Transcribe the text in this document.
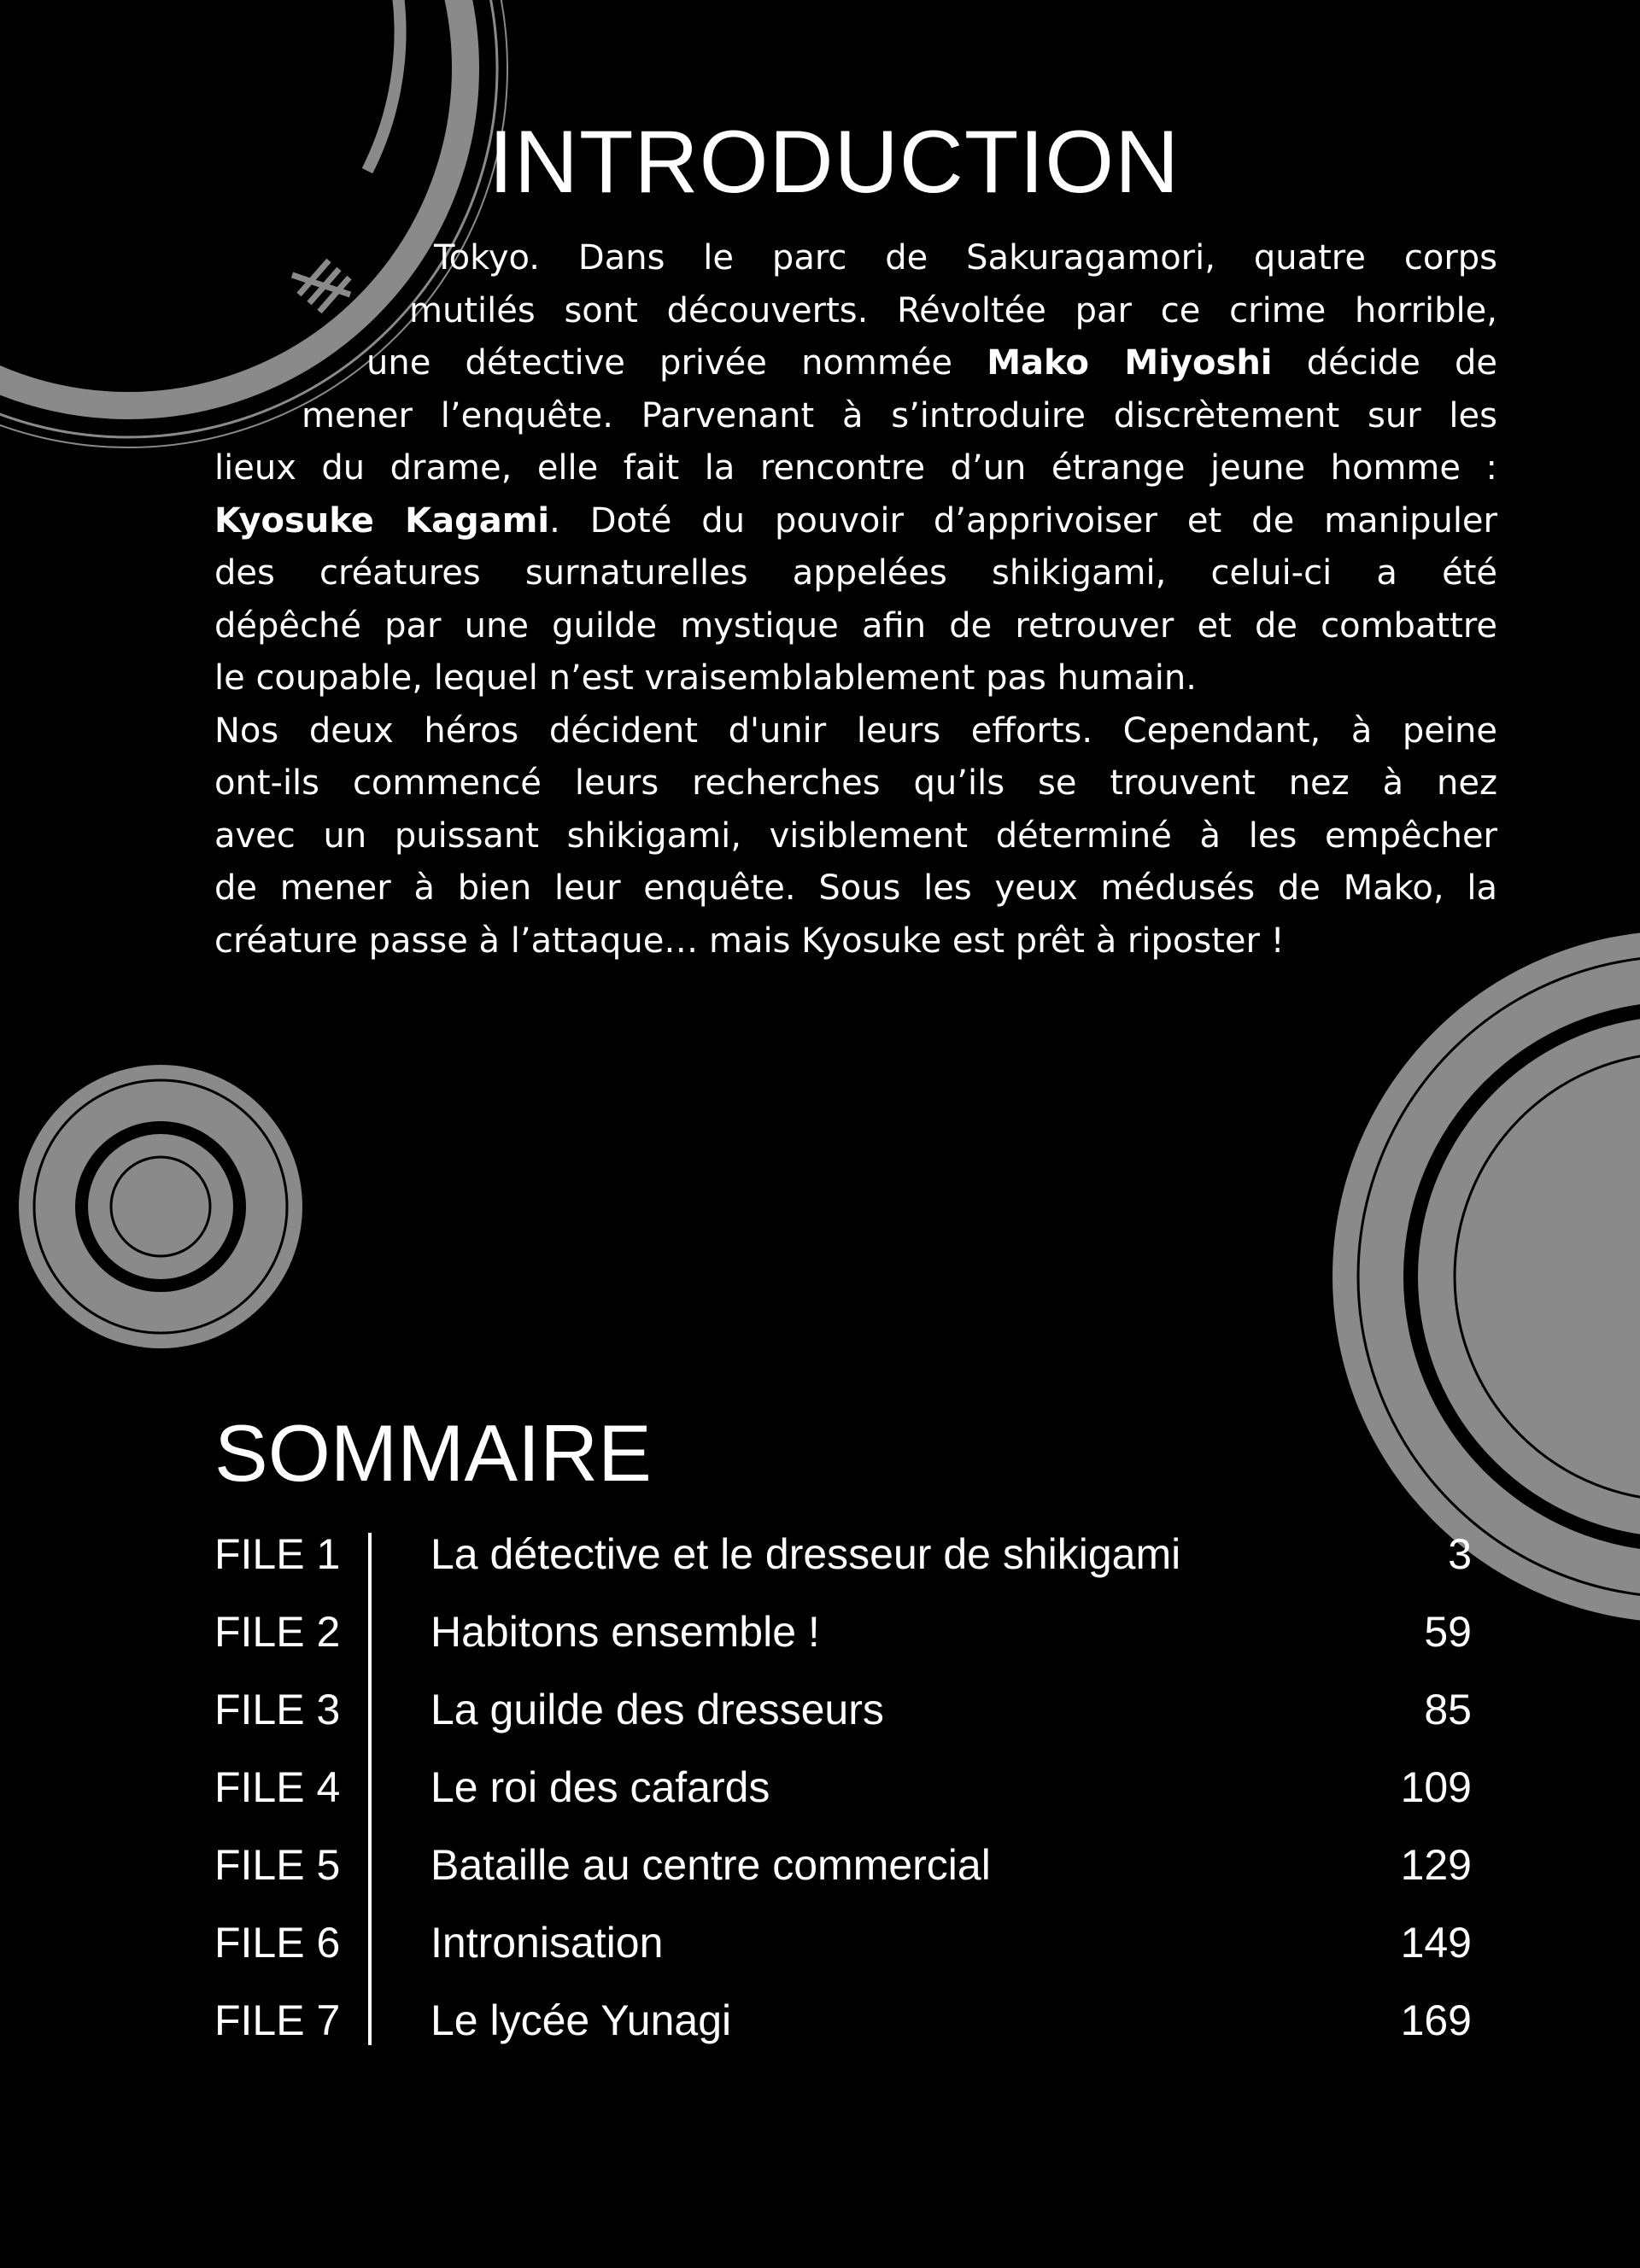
INTRODUCTION
Tokyo. Dans le parc de Sakuragamori, quatre corps
mutilés sont découverts. Révoltée par ce crime horrible,
une détective privée nommée Mako Miyoshi décide de
mener l’enquête. Parvenant à s’introduire discrètement sur les
lieux du drame, elle fait la rencontre d’un étrange jeune homme :
Kyosuke Kagami. Doté du pouvoir d’apprivoiser et de manipuler
des créatures surnaturelles appelées shikigami, celui-ci a été
dépêché par une guilde mystique afin de retrouver et de combattre
le coupable, lequel n’est vraisemblablement pas humain.
Nos deux héros décident d'unir leurs efforts. Cependant, à peine
ont-ils commencé leurs recherches qu’ils se trouvent nez à nez
avec un puissant shikigami, visiblement déterminé à les empêcher
de mener à bien leur enquête. Sous les yeux médusés de Mako, la
créature passe à l’attaque… mais Kyosuke est prêt à riposter !
SOMMAIRE
FILE 1 La détective et le dresseur de shikigami	3
FILE 2 Habitons ensemble !	59
FILE 3 La guilde des dresseurs	85
FILE 4 Le roi des cafards	109
FILE 5 Bataille au centre commercial	129
FILE 6 Intronisation	149
FILE 7 Le lycée Yunagi	169
